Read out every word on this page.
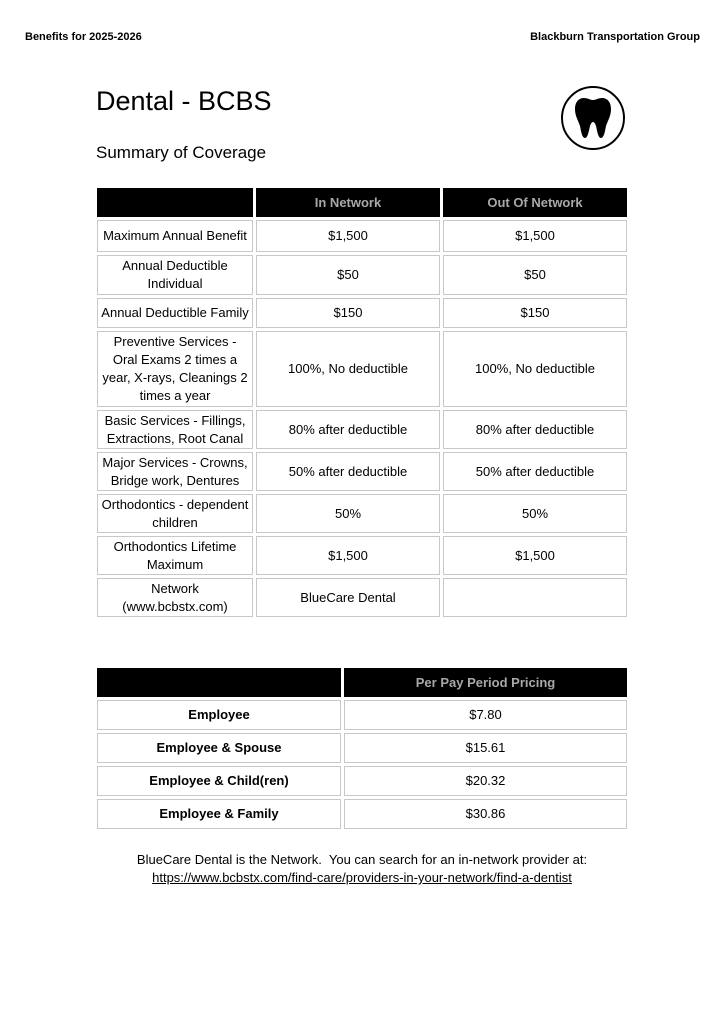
Benefits for 2025-2026	Blackburn Transportation Group
Dental - BCBS
Summary of Coverage
	In Network	Out Of Network
Maximum Annual Benefit	$1,500	$1,500
Annual Deductible Individual	$50	$50
Annual Deductible Family	$150	$150
Preventive Services - Oral Exams 2 times a year, X-rays, Cleanings 2 times a year	100%, No deductible	100%, No deductible
Basic Services - Fillings, Extractions, Root Canal	80% after deductible	80% after deductible
Major Services - Crowns, Bridge work, Dentures	50% after deductible	50% after deductible
Orthodontics - dependent children	50%	50%
Orthodontics Lifetime Maximum	$1,500	$1,500
Network (www.bcbstx.com)	BlueCare Dental	
	Per Pay Period Pricing
Employee	$7.80
Employee & Spouse	$15.61
Employee & Child(ren)	$20.32
Employee & Family	$30.86
BlueCare Dental is the Network.  You can search for an in-network provider at:
https://www.bcbstx.com/find-care/providers-in-your-network/find-a-dentist
